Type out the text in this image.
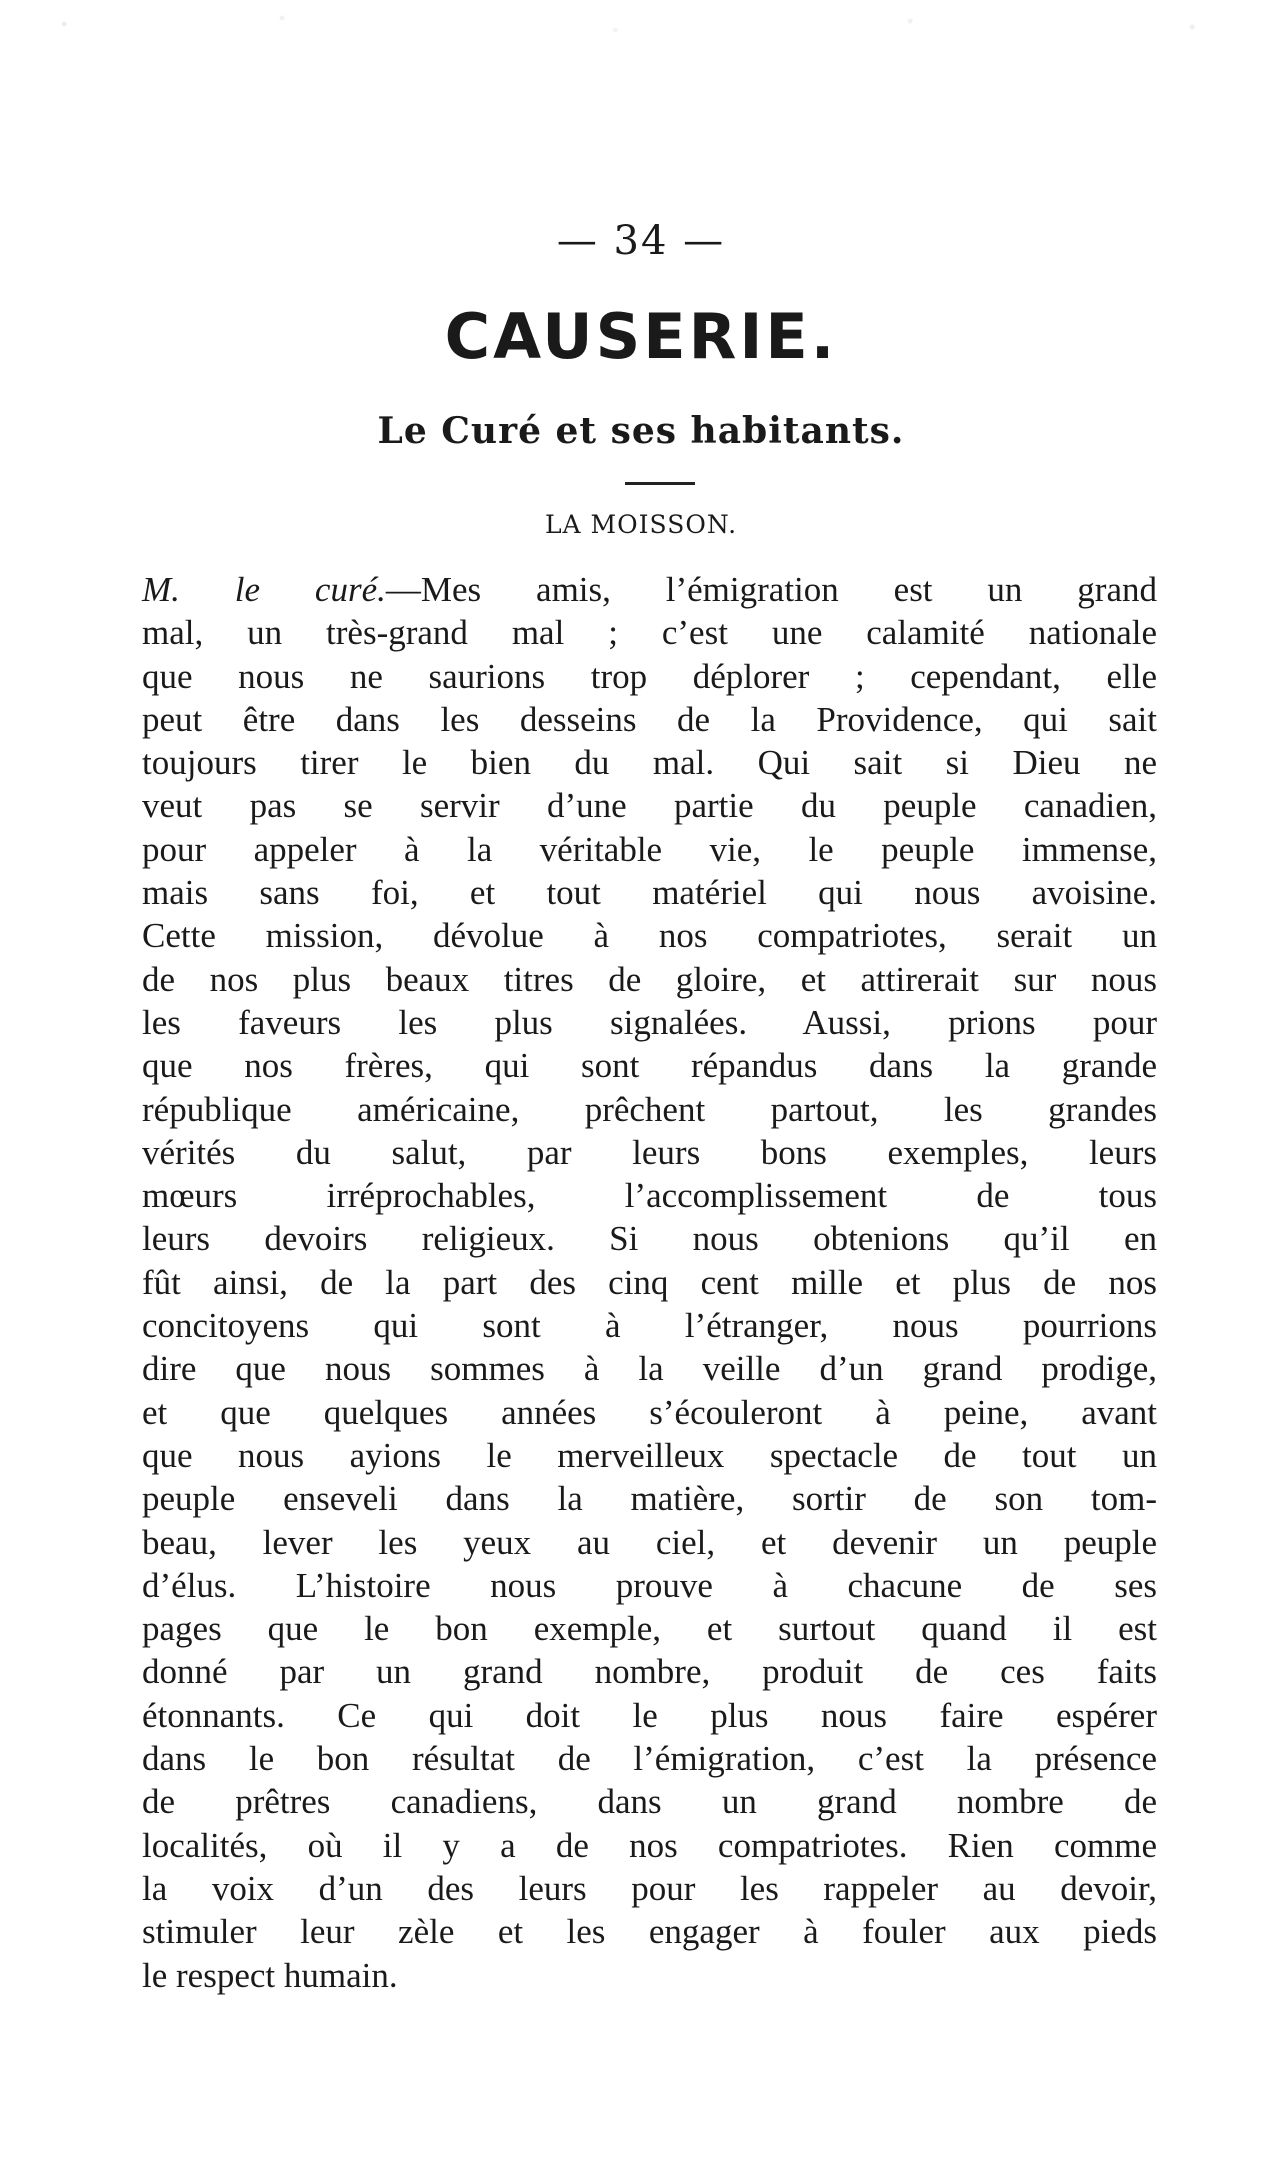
— 34 —
CAUSERIE.
Le Curé et ses habitants.
LA MOISSON.
M. le curé.—Mes amis, l’émigration est un grand
mal, un très-grand mal ; c’est une calamité nationale
que nous ne saurions trop déplorer ; cependant, elle
peut être dans les desseins de la Providence, qui sait
toujours tirer le bien du mal. Qui sait si Dieu ne
veut pas se servir d’une partie du peuple canadien,
pour appeler à la véritable vie, le peuple immense,
mais sans foi, et tout matériel qui nous avoisine.
Cette mission, dévolue à nos compatriotes, serait un
de nos plus beaux titres de gloire, et attirerait sur nous
les faveurs les plus signalées. Aussi, prions pour
que nos frères, qui sont répandus dans la grande
république américaine, prêchent partout, les grandes
vérités du salut, par leurs bons exemples, leurs
mœurs irréprochables, l’accomplissement de tous
leurs devoirs religieux. Si nous obtenions qu’il en
fût ainsi, de la part des cinq cent mille et plus de nos
concitoyens qui sont à l’étranger, nous pourrions
dire que nous sommes à la veille d’un grand prodige,
et que quelques années s’écouleront à peine, avant
que nous ayions le merveilleux spectacle de tout un
peuple enseveli dans la matière, sortir de son tom-
beau, lever les yeux au ciel, et devenir un peuple
d’élus. L’histoire nous prouve à chacune de ses
pages que le bon exemple, et surtout quand il est
donné par un grand nombre, produit de ces faits
étonnants. Ce qui doit le plus nous faire espérer
dans le bon résultat de l’émigration, c’est la présence
de prêtres canadiens, dans un grand nombre de
localités, où il y a de nos compatriotes. Rien comme
la voix d’un des leurs pour les rappeler au devoir,
stimuler leur zèle et les engager à fouler aux pieds
le respect humain.
